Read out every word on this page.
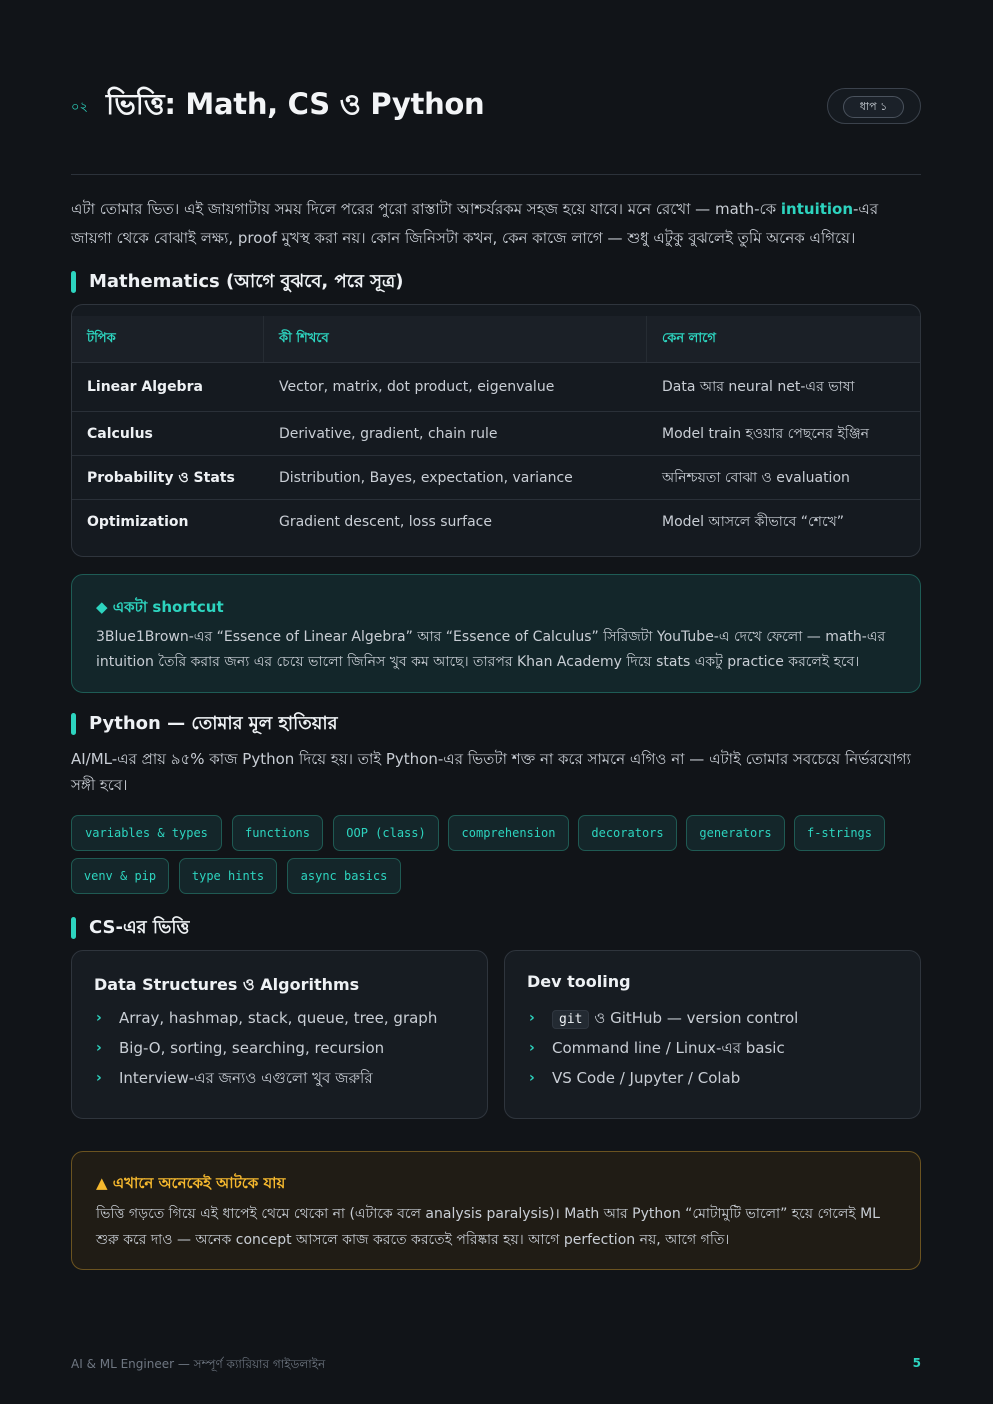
০২ ভিত্তি: Math, CS ও Python	ধাপ ১

এটা তোমার ভিত। এই জায়গাটায় সময় দিলে পরের পুরো রাস্তাটা আশ্চর্যরকম সহজ হয়ে যাবে। মনে রেখো — math-কে intuition-এর জায়গা থেকে বোঝাই লক্ষ্য, proof মুখস্থ করা নয়। কোন জিনিসটা কখন, কেন কাজে লাগে — শুধু এটুকু বুঝলেই তুমি অনেক এগিয়ে।

Mathematics (আগে বুঝবে, পরে সূত্র)
টপিক	কী শিখবে	কেন লাগে
Linear Algebra	Vector, matrix, dot product, eigenvalue	Data আর neural net-এর ভাষা
Calculus	Derivative, gradient, chain rule	Model train হওয়ার পেছনের ইঞ্জিন
Probability ও Stats	Distribution, Bayes, expectation, variance	অনিশ্চয়তা বোঝা ও evaluation
Optimization	Gradient descent, loss surface	Model আসলে কীভাবে “শেখে”
◆ একটা shortcut

3Blue1Brown-এর “Essence of Linear Algebra” আর “Essence of Calculus” সিরিজটা YouTube-এ দেখে ফেলো — math-এর intuition তৈরি করার জন্য এর চেয়ে ভালো জিনিস খুব কম আছে। তারপর Khan Academy দিয়ে stats একটু practice করলেই হবে।

Python — তোমার মূল হাতিয়ার

AI/ML-এর প্রায় ৯৫% কাজ Python দিয়ে হয়। তাই Python-এর ভিতটা শক্ত না করে সামনে এগিও না — এটাই তোমার সবচেয়ে নির্ভরযোগ্য সঙ্গী হবে।

variables & types	functions	OOP (class)	comprehension	decorators	generators	f-strings
venv & pip	type hints	async basics
CS-এর ভিত্তি
Data Structures ও Algorithms
› Array, hashmap, stack, queue, tree, graph
› Big-O, sorting, searching, recursion
› Interview-এর জন্যও এগুলো খুব জরুরি
Dev tooling
› git ও GitHub — version control
› Command line / Linux-এর basic
› VS Code / Jupyter / Colab
▲ এখানে অনেকেই আটকে যায়

ভিত্তি গড়তে গিয়ে এই ধাপেই থেমে থেকো না (এটাকে বলে analysis paralysis)। Math আর Python “মোটামুটি ভালো” হয়ে গেলেই ML শুরু করে দাও — অনেক concept আসলে কাজ করতে করতেই পরিষ্কার হয়। আগে perfection নয়, আগে গতি।

AI & ML Engineer — সম্পূর্ণ ক্যারিয়ার গাইডলাইন	5
